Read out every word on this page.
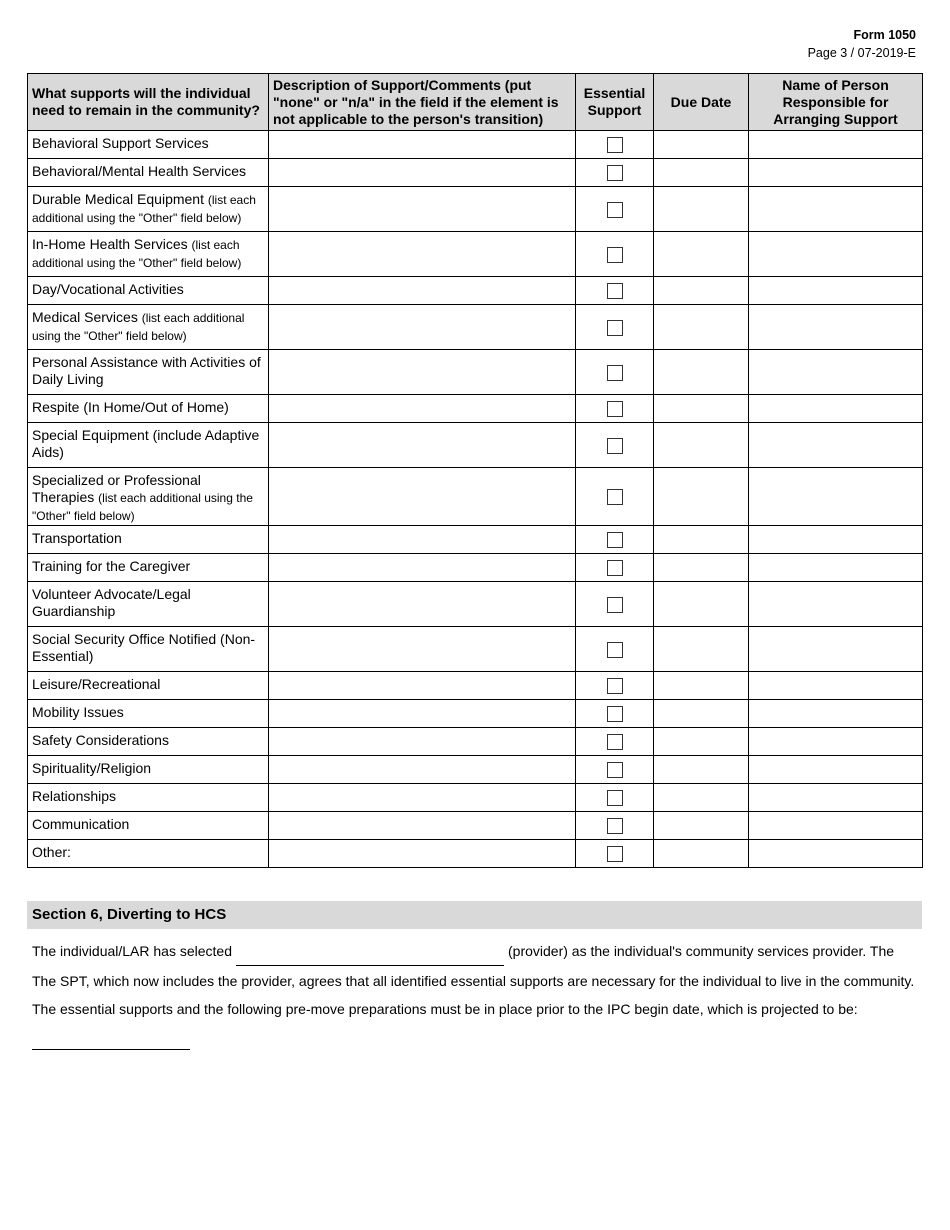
Form 1050
Page 3 / 07-2019-E
What supports will the individual need to remain in the community?	Description of Support/Comments (put "none" or "n/a" in the field if the element is not applicable to the person's transition)	Essential Support	Due Date	Name of Person Responsible for Arranging Support
Behavioral Support Services				
Behavioral/Mental Health Services				
Durable Medical Equipment (list each additional using the "Other" field below)				
In-Home Health Services (list each additional using the "Other" field below)				
Day/Vocational Activities				
Medical Services (list each additional using the "Other" field below)				
Personal Assistance with Activities of Daily Living				
Respite (In Home/Out of Home)				
Special Equipment (include Adaptive Aids)				
Specialized or Professional Therapies (list each additional using the "Other" field below)				
Transportation				
Training for the Caregiver				
Volunteer Advocate/Legal Guardianship				
Social Security Office Notified (Non-Essential)				
Leisure/Recreational				
Mobility Issues				
Safety Considerations				
Spirituality/Religion				
Relationships				
Communication				
Other:				
Section 6, Diverting to HCS
The individual/LAR has selected	(provider) as the individual's community services provider. The
The SPT, which now includes the provider, agrees that all identified essential supports are necessary for the individual to live in the community.
The essential supports and the following pre-move preparations must be in place prior to the IPC begin date, which is projected to be:
